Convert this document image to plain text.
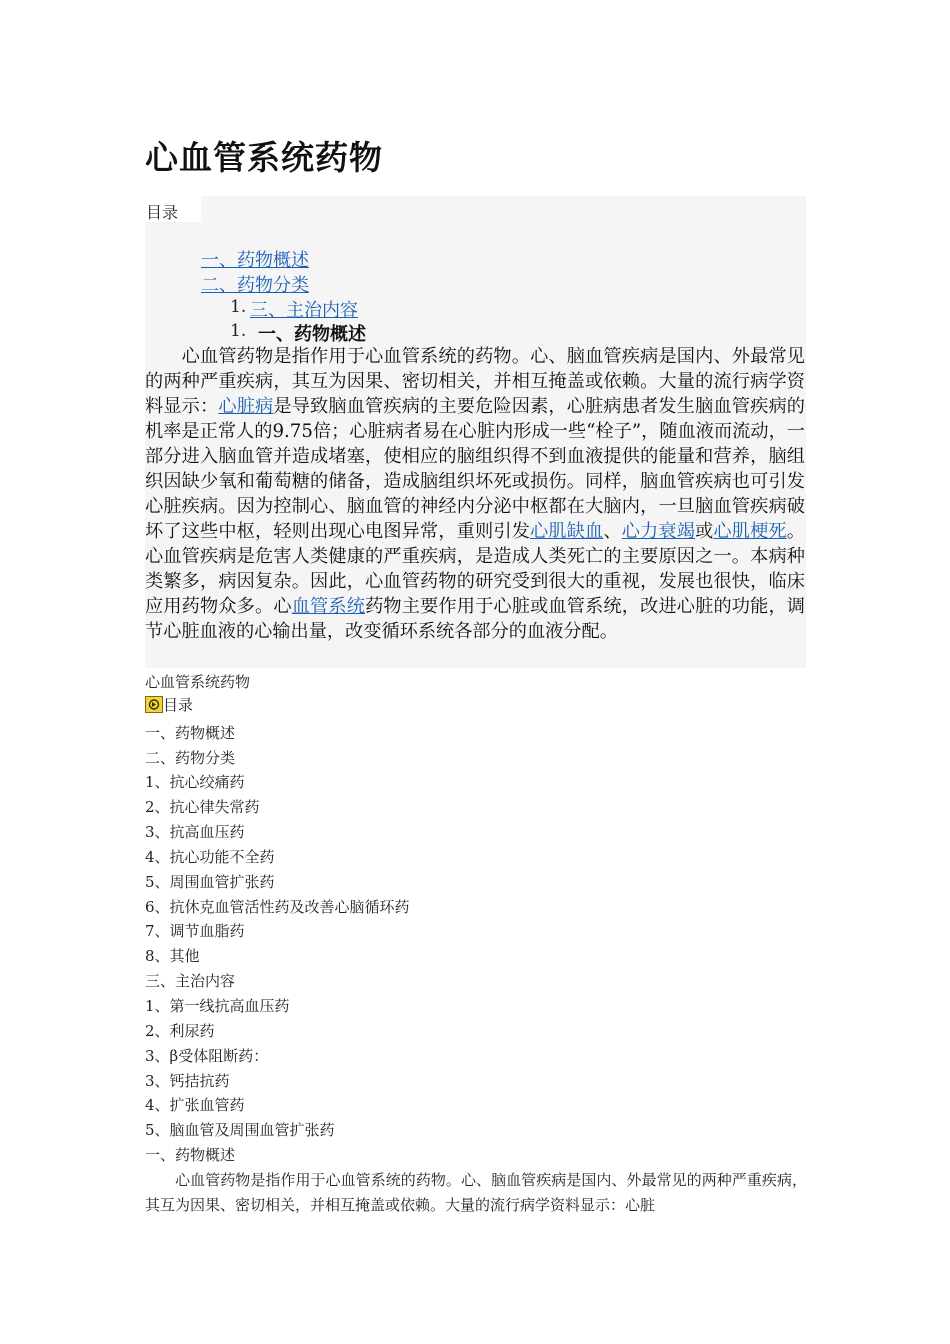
心血管系统药物
目录
一、药物概述
二、药物分类
1. 三、主治内容
1. 一、药物概述
　　心血管药物是指作用于心血管系统的药物。心、脑血管疾病是国内、外最常见的两种严重疾病，其互为因果、密切相关，并相互掩盖或依赖。大量的流行病学资料显示：心脏病是导致脑血管疾病的主要危险因素，心脏病患者发生脑血管疾病的机率是正常人的9.75倍；心脏病者易在心脏内形成一些“栓子”，随血液而流动，一部分进入脑血管并造成堵塞，使相应的脑组织得不到血液提供的能量和营养，脑组织因缺少氧和葡萄糖的储备，造成脑组织坏死或损伤。同样，脑血管疾病也可引发心脏疾病。因为控制心、脑血管的神经内分泌中枢都在大脑内，一旦脑血管疾病破坏了这些中枢，轻则出现心电图异常，重则引发心肌缺血、心力衰竭或心肌梗死。心血管疾病是危害人类健康的严重疾病，是造成人类死亡的主要原因之一。本病种类繁多，病因复杂。因此，心血管药物的研究受到很大的重视，发展也很快，临床应用药物众多。心血管系统药物主要作用于心脏或血管系统，改进心脏的功能，调节心脏血液的心输出量，改变循环系统各部分的血液分配。
心血管系统药物
目录
一、药物概述
二、药物分类
1、抗心绞痛药
2、抗心律失常药
3、抗高血压药
4、抗心功能不全药
5、周围血管扩张药
6、抗休克血管活性药及改善心脑循环药
7、调节血脂药
8、其他
三、主治内容
1、第一线抗高血压药
2、利尿药
3、β受体阻断药：
3、钙拮抗药
4、扩张血管药
5、脑血管及周围血管扩张药
一、药物概述
　　心血管药物是指作用于心血管系统的药物。心、脑血管疾病是国内、外最常见的两种严重疾病，其互为因果、密切相关，并相互掩盖或依赖。大量的流行病学资料显示：心脏
